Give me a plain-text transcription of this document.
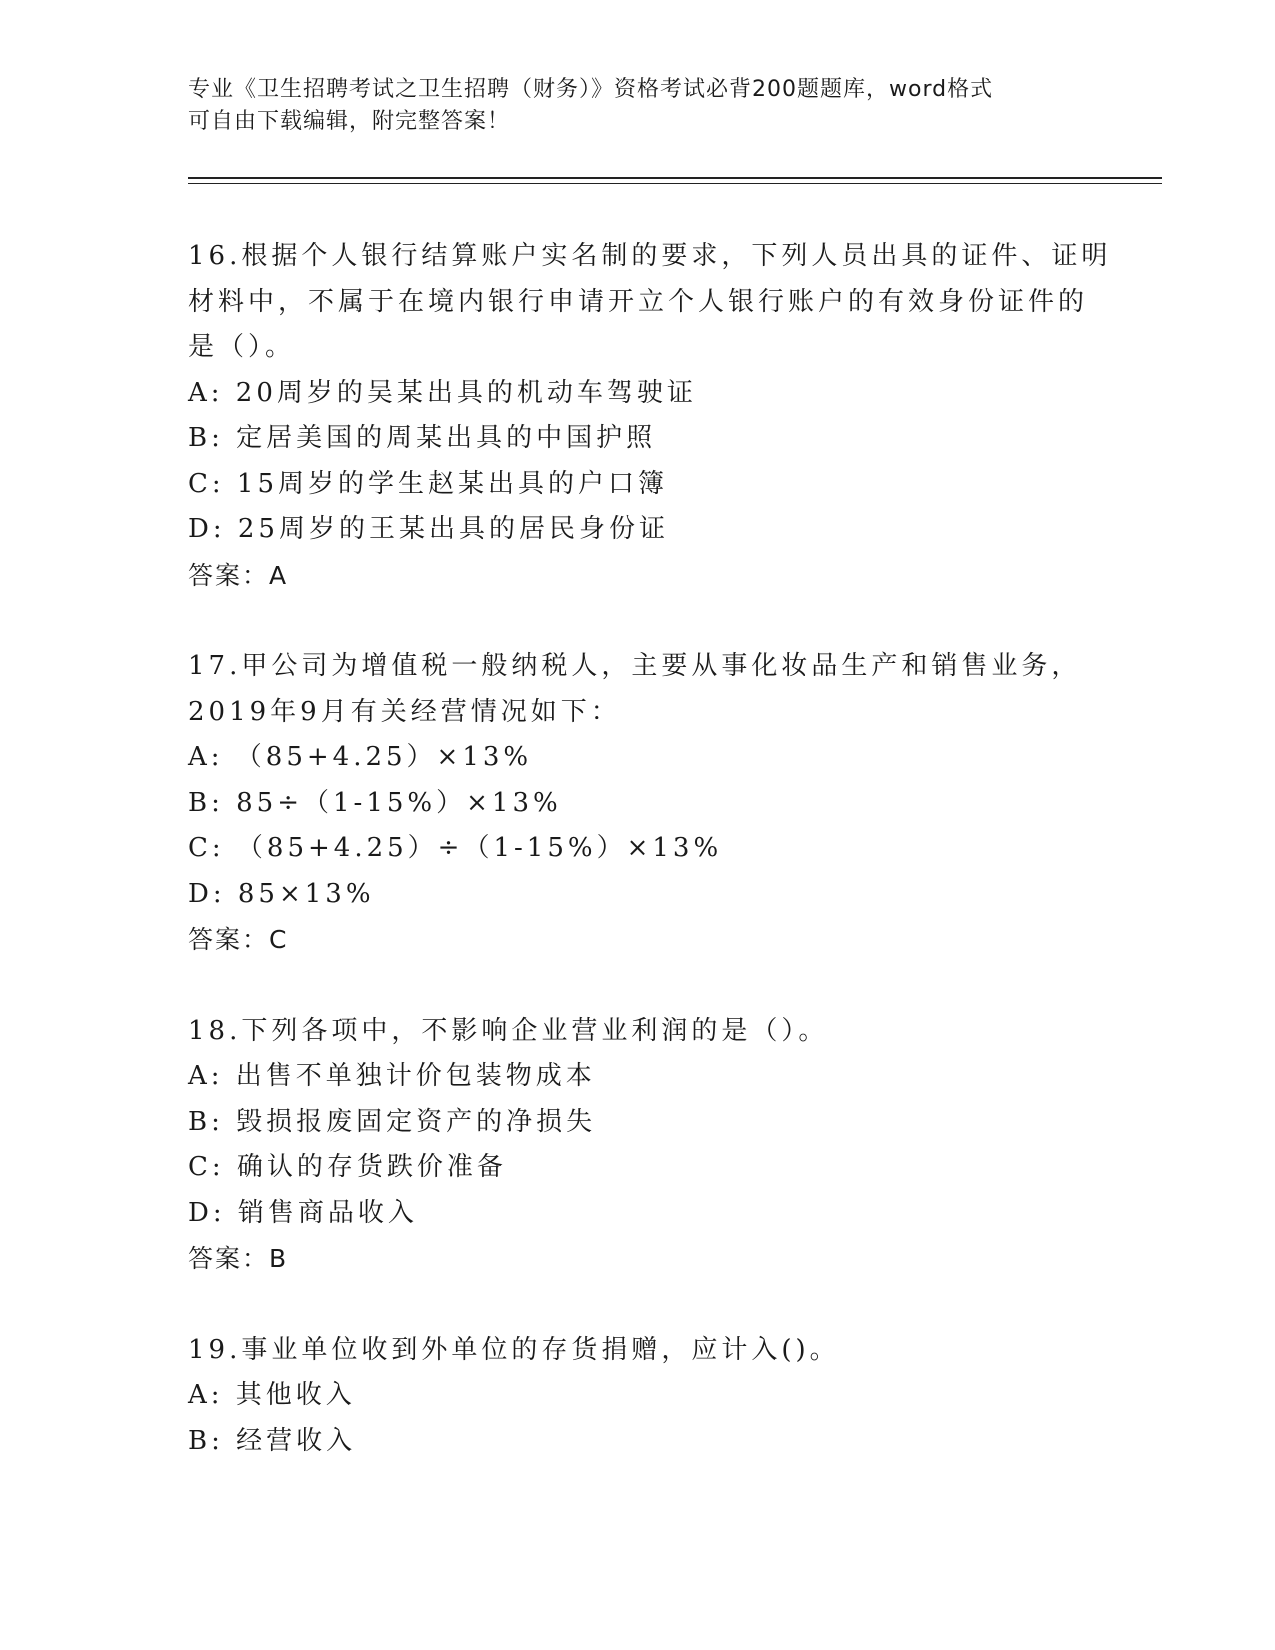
专业《卫生招聘考试之卫生招聘（财务）》资格考试必背200题题库，word格式
可自由下载编辑，附完整答案！
16.根据个人银行结算账户实名制的要求，下列人员出具的证件、证明
材料中，不属于在境内银行申请开立个人银行账户的有效身份证件的
是（）。
A: 20周岁的吴某出具的机动车驾驶证
B: 定居美国的周某出具的中国护照
C: 15周岁的学生赵某出具的户口簿
D: 25周岁的王某出具的居民身份证
答案：A
17.甲公司为增值税一般纳税人，主要从事化妆品生产和销售业务，
2019年9月有关经营情况如下：
A: （85+4.25）×13%
B: 85÷（1-15%）×13%
C: （85+4.25）÷（1-15%）×13%
D: 85×13%
答案：C
18.下列各项中，不影响企业营业利润的是（）。
A: 出售不单独计价包装物成本
B: 毁损报废固定资产的净损失
C: 确认的存货跌价准备
D: 销售商品收入
答案：B
19.事业单位收到外单位的存货捐赠，应计入()。
A: 其他收入
B: 经营收入
